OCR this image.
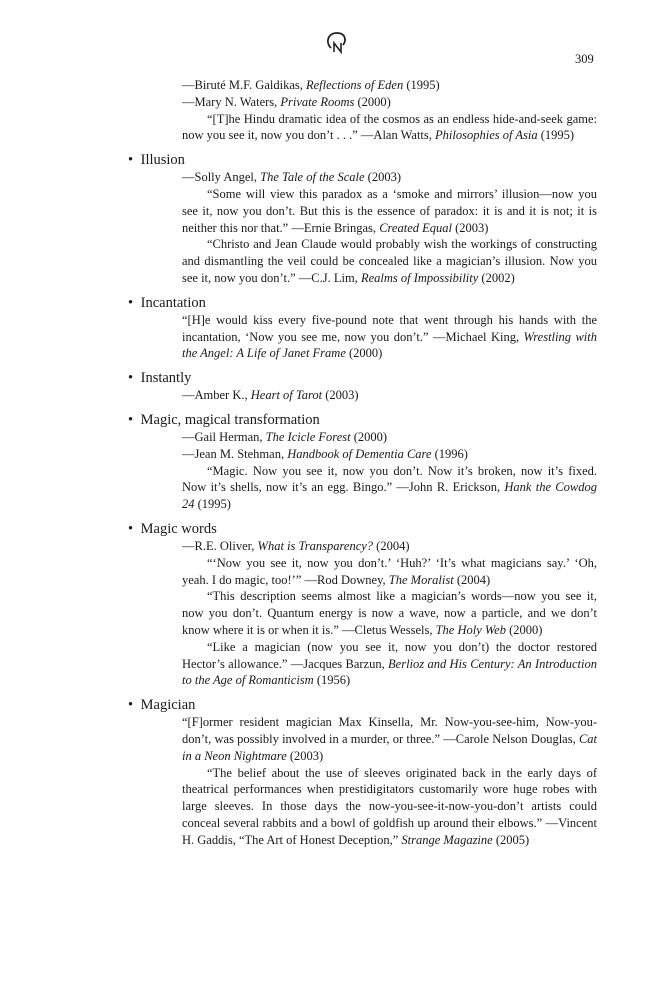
309
—Biruté M.F. Galdikas, Reflections of Eden (1995)
—Mary N. Waters, Private Rooms (2000)
“[T]he Hindu dramatic idea of the cosmos as an endless hide-and-seek game: now you see it, now you don’t . . .” —Alan Watts, Philosophies of Asia (1995)
• Illusion
—Solly Angel, The Tale of the Scale (2003)
“Some will view this paradox as a ‘smoke and mirrors’ illusion—now you see it, now you don’t. But this is the essence of paradox: it is and it is not; it is neither this nor that.” —Ernie Bringas, Created Equal (2003)
“Christo and Jean Claude would probably wish the workings of constructing and dismantling the veil could be concealed like a magician’s illusion. Now you see it, now you don’t.” —C.J. Lim, Realms of Impossibility (2002)
• Incantation
“[H]e would kiss every five-pound note that went through his hands with the incantation, ‘Now you see me, now you don’t.” —Michael King, Wrestling with the Angel: A Life of Janet Frame (2000)
• Instantly
—Amber K., Heart of Tarot (2003)
• Magic, magical transformation
—Gail Herman, The Icicle Forest (2000)
—Jean M. Stehman, Handbook of Dementia Care (1996)
“Magic. Now you see it, now you don’t. Now it’s broken, now it’s fixed. Now it’s shells, now it’s an egg. Bingo.” —John R. Erickson, Hank the Cowdog 24 (1995)
• Magic words
—R.E. Oliver, What is Transparency? (2004)
“‘Now you see it, now you don’t.’ ‘Huh?’ ‘It’s what magicians say.’ ‘Oh, yeah. I do magic, too!’” —Rod Downey, The Moralist (2004)
“This description seems almost like a magician’s words—now you see it, now you don’t. Quantum energy is now a wave, now a particle, and we don’t know where it is or when it is.” —Cletus Wessels, The Holy Web (2000)
“Like a magician (now you see it, now you don’t) the doctor restored Hector’s allowance.” —Jacques Barzun, Berlioz and His Century: An Introduction to the Age of Romanticism (1956)
• Magician
“[F]ormer resident magician Max Kinsella, Mr. Now-you-see-him, Now-you-don’t, was possibly involved in a murder, or three.” —Carole Nelson Douglas, Cat in a Neon Nightmare (2003)
“The belief about the use of sleeves originated back in the early days of theatrical performances when prestidigitators customarily wore huge robes with large sleeves. In those days the now-you-see-it-now-you-don’t artists could conceal several rabbits and a bowl of goldfish up around their elbows.” —Vincent H. Gaddis, “The Art of Honest Deception,” Strange Magazine (2005)
